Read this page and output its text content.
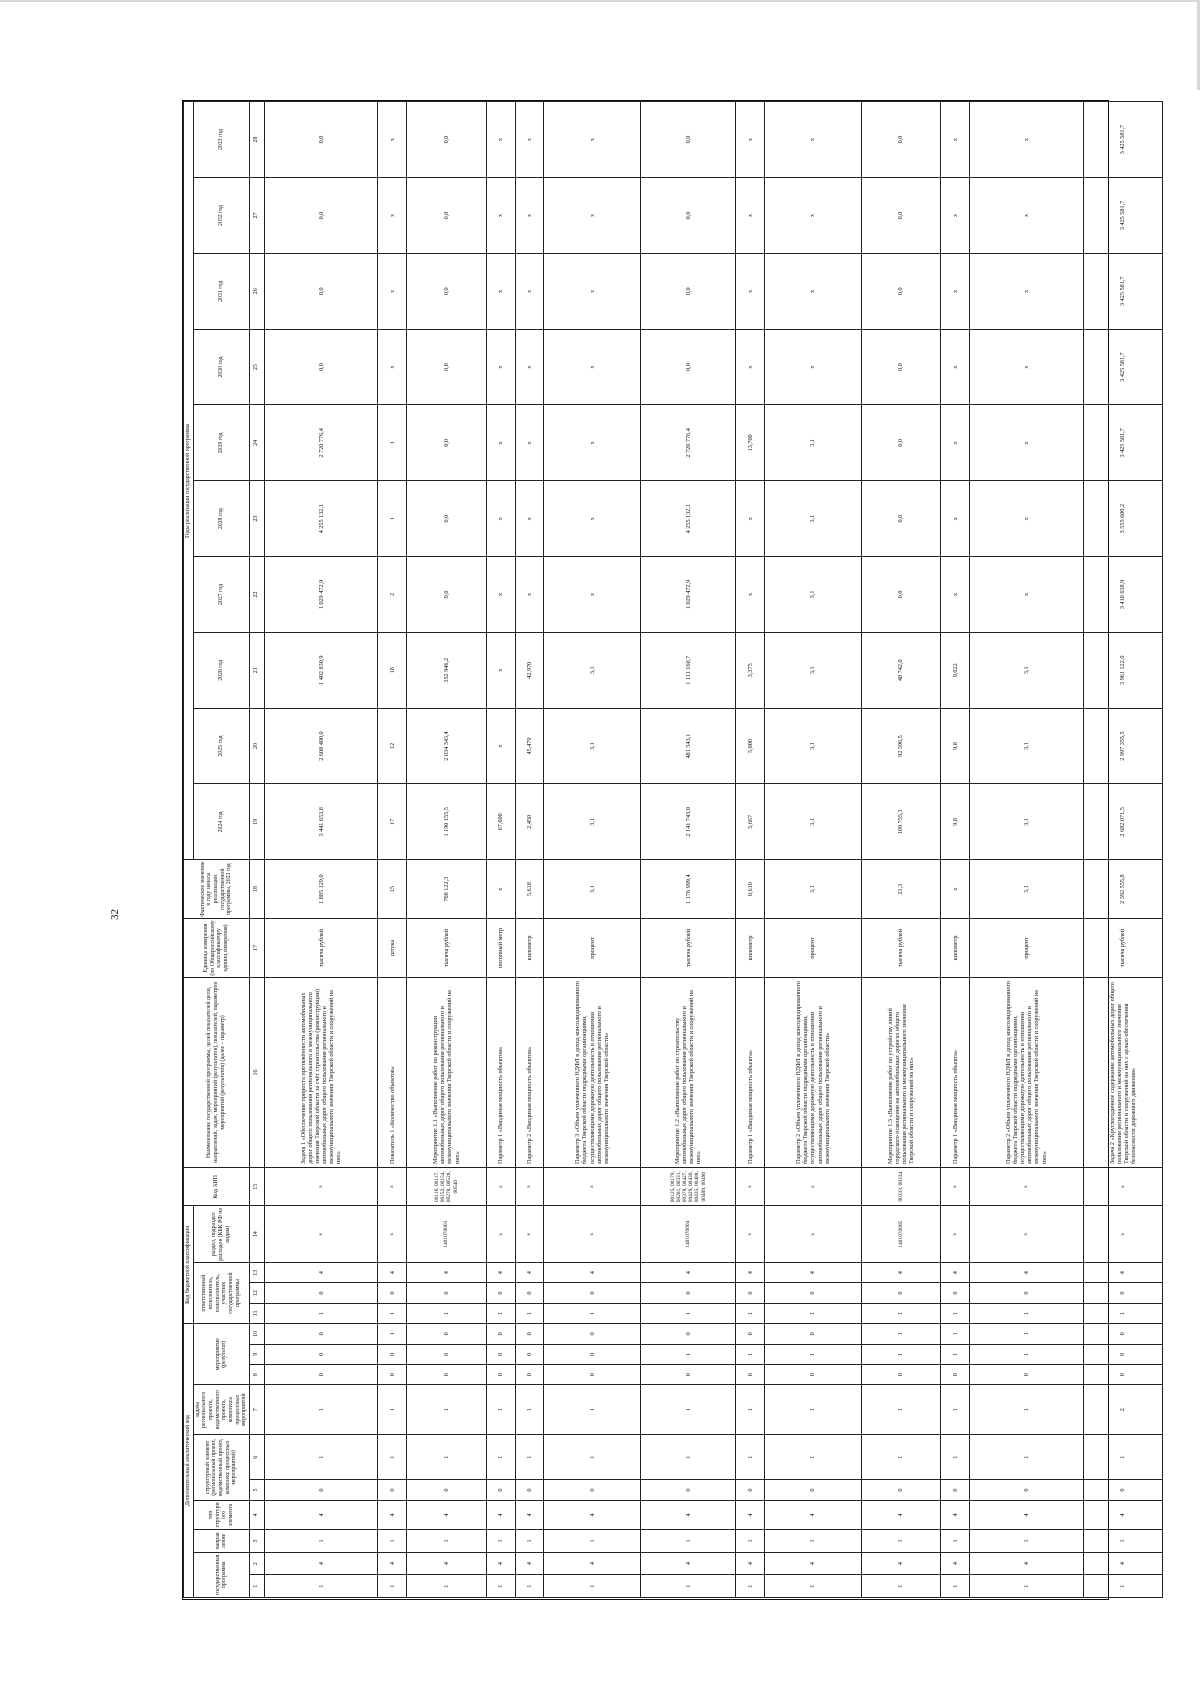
32
Дополнительный аналитический код										Код бюджетной классификации				Код АИП	Наименование государственной программы, целей показателей цели, направлений, задач, мероприятий (результатов), показателей, параметров мероприятий (результатов) (далее – параметр)	Единица измерения (по Общероссийскому классификатору единиц измерения)	Фактическое значение в году начала реализации государственной программы, 2023 год	Годы реализации государственной программы									
государственная программа		направление	тип структурного элемента	структурный элемент (региональный проект, ведомственный проект, комплекс процессных мероприятий)		задача регионального проекта, ведомственного проекта, комплекса процессных мероприятий	мероприятие (результат)			ответственный исполнитель, соисполнитель, участник государственной программы			раздел, подраздел расходов (КБК РФ по видам)					2024 год	2025 год	2026 год	2027 год	2028 год	2029 год	2030 год	2031 год	2032 год	2033 год

1	2	3	4	5	6	7	8	9	10	11	12	13	14	15	16	17	18	19	20	21	22	23	24	25	26	27	28
1	4	1	4	0	1	1	0	0	0	1	0	4	х	х	Задача 1 «Обеспечение прироста протяжённости автомобильных дорог общего пользования регионального и межмуниципального значения Тверской области за счёт строительства (реконструкции) автомобильных дорог общего пользования регионального и межмуниципального значения Тверской области и сооружений на них»	тысяча рублей	1 885 129,0	3 441 653,8	2 608 400,0	1 402 830,9	1 029 472,9	4 255 132,1	2 720 776,4	0,0	0,0	0,0	0,0
1	4	1	4	0	1	1	0	0	1	1	0	4	х	х	Показатель 1 «Количество объектов»	штука	15	17	12	18	2	1	1	х	х	х	х
1	4	1	4	0	1	1	0	0	0	1	0	4	1401070003	00116, 00117, 00152, 00154, 00278, 00528, 00540	Мероприятие 1.1 «Выполнение работ по реконструкции автомобильных дорог общего пользования регионального и межмуниципального значения Тверской области и сооружений на них»	тысяча рублей	708 122,3	1 190 155,5	2 034 343,4	352 946,2	0,0	0,0	0,0	0,0	0,0	0,0	0,0
1	4	1	4	0	1	1	0	0	0	1	0	4	х	х	Параметр 1 «Вводимая мощность объектов»	погонный метр	х	67,600	х	х	х	х	х	х	х	х	х
1	4	1	4	0	1	1	0	0	0	1	0	4	х	х	Параметр 2 «Вводимая мощность объектов»	километр	5,618	2,450	45,479	42,970	х	х	х	х	х	х	х
1	4	1	4	0	1	1	0	0	0	1	0	4	х	х	Параметр 3 «Объем уплаченного НДФЛ в доход консолидированного бюджета Тверской области подрядными организациями, осуществляющими дорожную деятельность в отношении автомобильных дорог общего пользования регионального и межмуниципального значения Тверской области»	процент	3,1	3,1	3,1	3,1	х	х	х	х	х	х	х
1	4	1	4	0	1	1	0	1	0	1	0	4	1401070004	00125, 00179, 00281, 00331, 00378, 00427, 00429, 00430, 00435, 00488, 00489, 00490	Мероприятие 1.2 «Выполнение работ по строительству автомобильных дорог общего пользования регионального и межмуниципального значения Тверской области и сооружений на них»	тысяча рублей	1 176 999,4	2 141 743,0	481 543,1	1 111 160,7	1 029 472,9	4 255 132,1	2 720 776,4	0,0	0,0	0,0	0,0
1	4	1	4	0	1	1	0	1	0	1	0	4	х	х	Параметр 1 «Вводимая мощность объекта»	километр	0,610	5,667	5,000	3,375	х	х	13,700	х	х	х	х
1	4	1	4	0	1	1	0	1	0	1	0	4	х	х	Параметр 2 «Объем уплаченного НДФЛ в доход консолидированного бюджета Тверской области подрядными организациями, осуществляющими дорожную деятельность в отношении автомобильных дорог общего пользования регионального и межмуниципального значения Тверской области»	процент	3,1	3,1	3,1	3,1	3,1	3,1	3,1	х	х	х	х
1	4	1	4	0	1	1	0	1	1	1	0	4	1401070005	00333, 00334	Мероприятие 1.3 «Выполнение работ по устройству линий городского освещения на автомобильных дорогах общего пользования регионального и межмуниципального значения Тверской области и сооружений на них»	тысяча рублей	21,3	109 755,3	92 596,5	48 742,0	0,0	0,0	0,0	0,0	0,0	0,0	0,0
1	4	1	4	0	1	1	0	1	1	1	0	4	х	х	Параметр 1 «Вводимая мощность объекта»	километр	х	9,8	9,8	9,022	х	х	х	х	х	х	х
1	4	1	4	0	1	1	0	1	1	1	0	4	х	х	Параметр 2 «Объем уплаченного НДФЛ в доход консолидированного бюджета Тверской области подрядными организациями, осуществляющими дорожную деятельность в отношении автомобильных дорог общего пользования регионального и межмуниципального значения Тверской области и сооружений на них»	процент	3,1	3,1	3,1	3,1	х	х	х	х	х	х	х
1	4	1	4	0	1	2	0	0	0	1	0	4	х	х	Задача 2 «Круглогодичное содержание автомобильных дорог общего пользования регионального и межмуниципального значения Тверской области и сооружений на них с целью обеспечения безопасности дорожного движения»	тысяча рублей	2 392 555,8	2 682 071,5	2 997 355,5	3 961 122,0	3 410 638,9	3 555 600,2	3 425 581,7	3 425 581,7	3 425 581,7	3 425 581,7	3 425 581,7
